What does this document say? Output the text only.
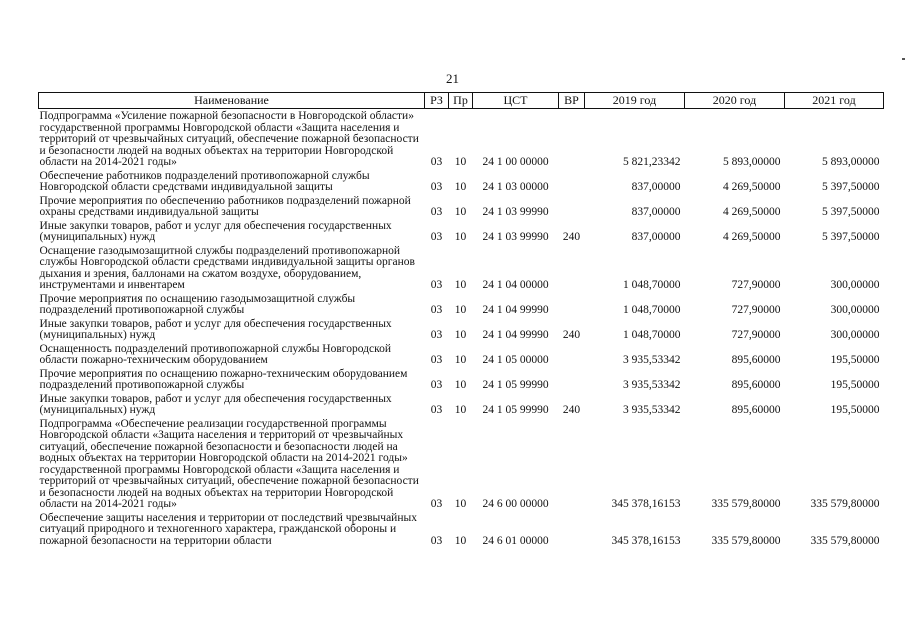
21
Наименование	РЗ	Пр	ЦСТ	ВР	2019 год	2020 год	2021 год
Подпрограмма «Усиление пожарной безопасности в Новгородской области» государственной программы Новгородской области «Защита населения и территорий от чрезвычайных ситуаций, обеспечение пожарной безопасности и безопасности людей на водных объектах на территории Новгородской области на 2014-2021 годы»	03	10	24 1 00 00000		5 821,23342	5 893,00000	5 893,00000
Обеспечение работников подразделений противопожарной службы Новгородской области средствами индивидуальной защиты	03	10	24 1 03 00000		837,00000	4 269,50000	5 397,50000
Прочие мероприятия по обеспечению работников подразделений пожарной охраны средствами индивидуальной защиты	03	10	24 1 03 99990		837,00000	4 269,50000	5 397,50000
Иные закупки товаров, работ и услуг для обеспечения государственных (муниципальных) нужд	03	10	24 1 03 99990	240	837,00000	4 269,50000	5 397,50000
Оснащение газодымозащитной службы подразделений противопожарной службы Новгородской области средствами индивидуальной защиты органов дыхания и зрения, баллонами на сжатом воздухе, оборудованием, инструментами и инвентарем	03	10	24 1 04 00000		1 048,70000	727,90000	300,00000
Прочие мероприятия по оснащению газодымозащитной службы подразделений противопожарной службы	03	10	24 1 04 99990		1 048,70000	727,90000	300,00000
Иные закупки товаров, работ и услуг для обеспечения государственных (муниципальных) нужд	03	10	24 1 04 99990	240	1 048,70000	727,90000	300,00000
Оснащенность подразделений противопожарной службы Новгородской области пожарно-техническим оборудованием	03	10	24 1 05 00000		3 935,53342	895,60000	195,50000
Прочие мероприятия по оснащению пожарно-техническим оборудованием подразделений противопожарной службы	03	10	24 1 05 99990		3 935,53342	895,60000	195,50000
Иные закупки товаров, работ и услуг для обеспечения государственных (муниципальных) нужд	03	10	24 1 05 99990	240	3 935,53342	895,60000	195,50000
Подпрограмма «Обеспечение реализации государственной программы Новгородской области «Защита населения и территорий от чрезвычайных ситуаций, обеспечение пожарной безопасности и безопасности людей на водных объектах на территории Новгородской области на 2014-2021 годы» государственной программы Новгородской области «Защита населения и территорий от чрезвычайных ситуаций, обеспечение пожарной безопасности и безопасности людей на водных объектах на территории Новгородской области на 2014-2021 годы»	03	10	24 6 00 00000		345 378,16153	335 579,80000	335 579,80000
Обеспечение защиты населения и территории от последствий чрезвычайных ситуаций природного и техногенного характера, гражданской обороны и пожарной безопасности на территории области	03	10	24 6 01 00000		345 378,16153	335 579,80000	335 579,80000
